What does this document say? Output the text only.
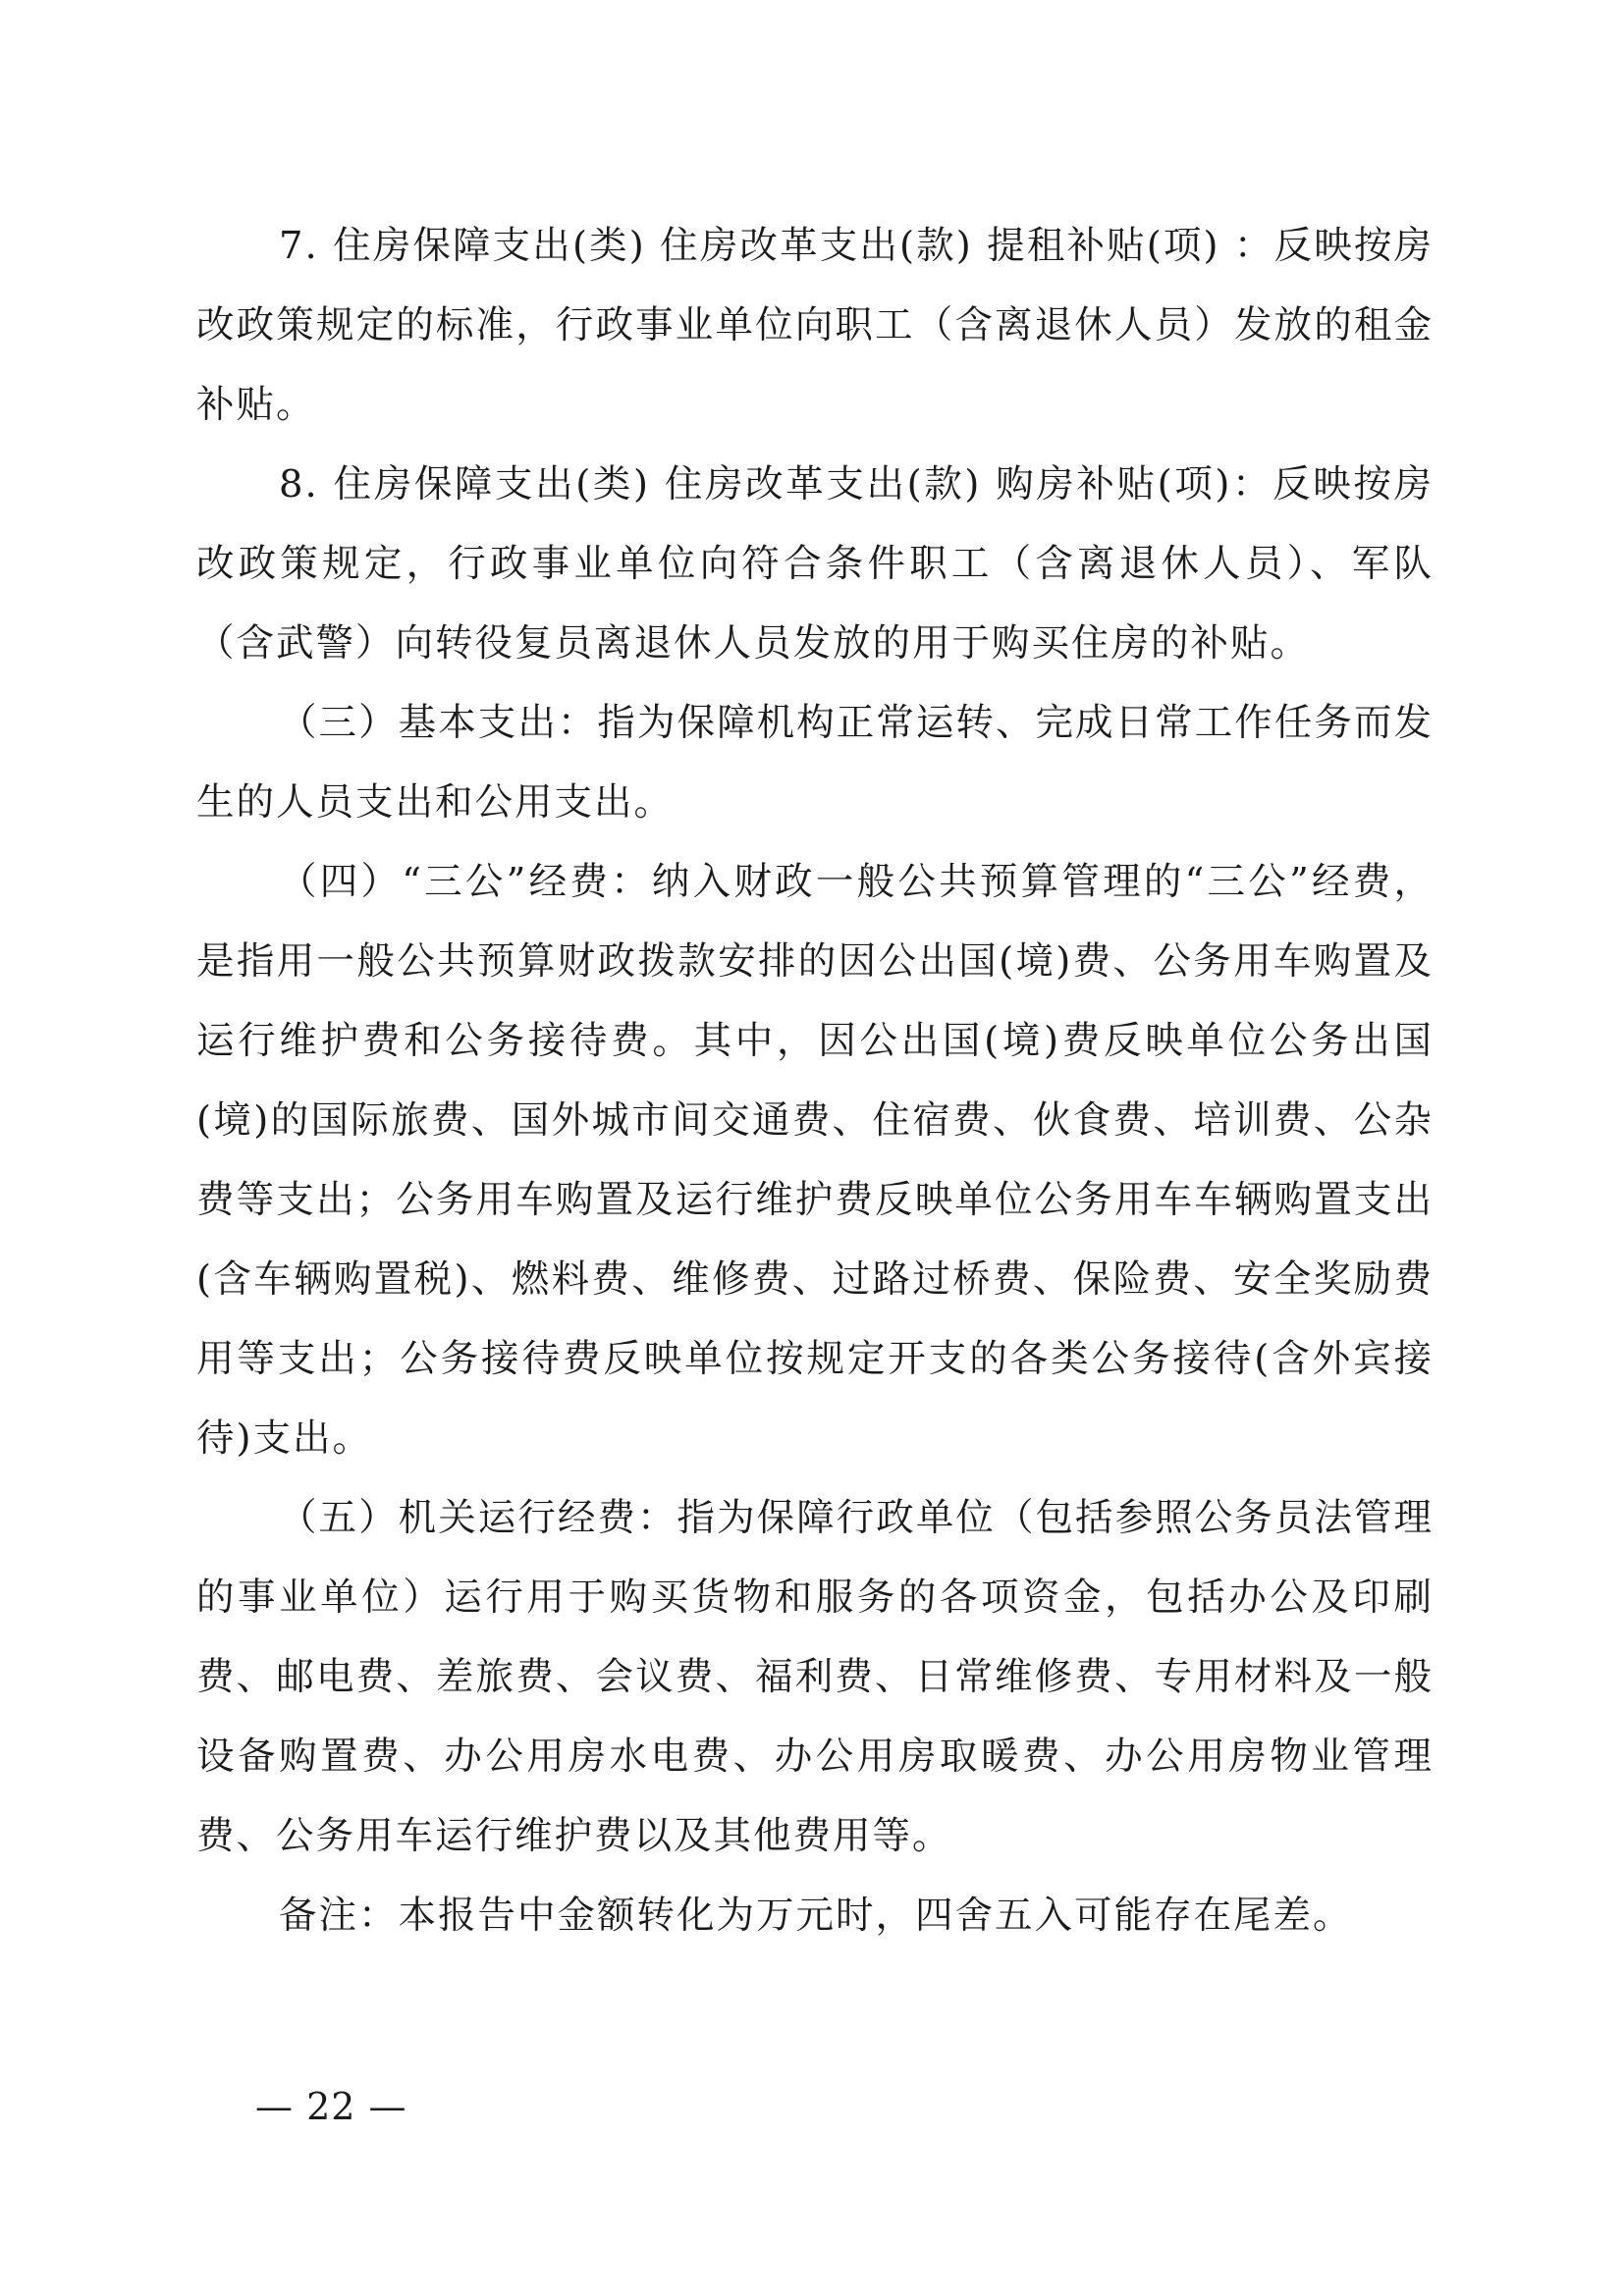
7. 住房保障支出(类) 住房改革支出(款) 提租补贴(项) ：反映按房改政策规定的标准，行政事业单位向职工（含离退休人员）发放的租金补贴。

8. 住房保障支出(类) 住房改革支出(款) 购房补贴(项)：反映按房改政策规定，行政事业单位向符合条件职工（含离退休人员）、军队（含武警）向转役复员离退休人员发放的用于购买住房的补贴。

（三）基本支出：指为保障机构正常运转、完成日常工作任务而发生的人员支出和公用支出。

（四）“三公”经费：纳入财政一般公共预算管理的“三公”经费，是指用一般公共预算财政拨款安排的因公出国(境)费、公务用车购置及运行维护费和公务接待费。其中，因公出国(境)费反映单位公务出国(境)的国际旅费、国外城市间交通费、住宿费、伙食费、培训费、公杂费等支出；公务用车购置及运行维护费反映单位公务用车车辆购置支出(含车辆购置税)、燃料费、维修费、过路过桥费、保险费、安全奖励费用等支出；公务接待费反映单位按规定开支的各类公务接待(含外宾接待)支出。

（五）机关运行经费：指为保障行政单位（包括参照公务员法管理的事业单位）运行用于购买货物和服务的各项资金，包括办公及印刷费、邮电费、差旅费、会议费、福利费、日常维修费、专用材料及一般设备购置费、办公用房水电费、办公用房取暖费、办公用房物业管理费、公务用车运行维护费以及其他费用等。

备注：本报告中金额转化为万元时，四舍五入可能存在尾差。

— 22 —
